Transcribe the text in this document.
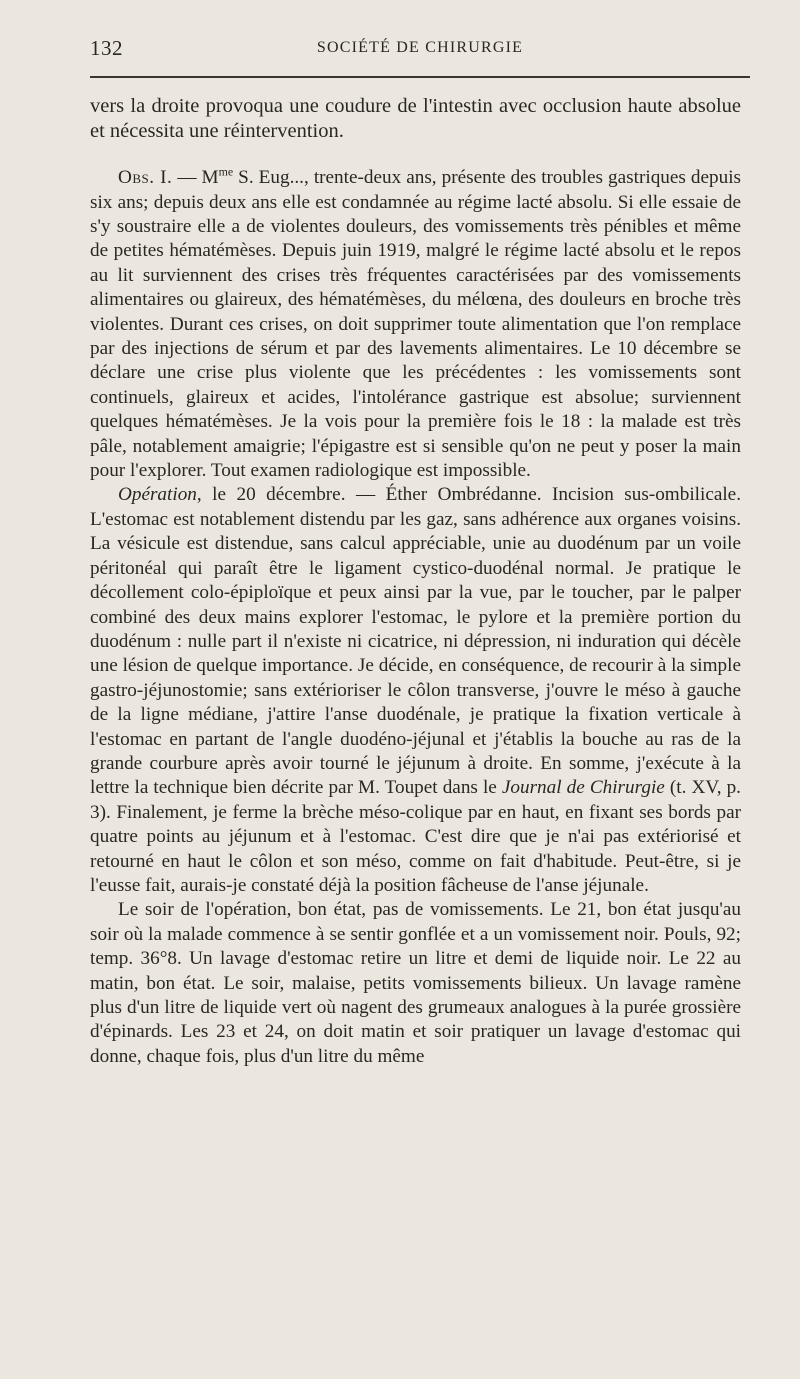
132	SOCIÉTÉ DE CHIRURGIE

vers la droite provoqua une coudure de l'intestin avec occlusion haute absolue et nécessita une réintervention.

Obs. I. — $M^{me}$ S. Eug..., trente-deux ans, présente des troubles gastriques depuis six ans; depuis deux ans elle est condamnée au régime lacté absolu. Si elle essaie de s'y soustraire elle a de violentes douleurs, des vomissements très pénibles et même de petites hématémèses. Depuis juin 1919, malgré le régime lacté absolu et le repos au lit surviennent des crises très fréquentes caractérisées par des vomissements alimentaires ou glaireux, des hématémèses, du mélœna, des douleurs en broche très violentes. Durant ces crises, on doit supprimer toute alimentation que l'on remplace par des injections de sérum et par des lavements alimentaires. Le 10 décembre se déclare une crise plus violente que les précédentes : les vomissements sont continuels, glaireux et acides, l'intolérance gastrique est absolue; surviennent quelques hématémèses. Je la vois pour la première fois le 18 : la malade est très pâle, notablement amaigrie; l'épigastre est si sensible qu'on ne peut y poser la main pour l'explorer. Tout examen radiologique est impossible.

Opération, le 20 décembre. — Éther Ombrédanne. Incision sus-ombilicale. L'estomac est notablement distendu par les gaz, sans adhérence aux organes voisins. La vésicule est distendue, sans calcul appréciable, unie au duodénum par un voile péritonéal qui paraît être le ligament cystico-duodénal normal. Je pratique le décollement colo-épiploïque et peux ainsi par la vue, par le toucher, par le palper combiné des deux mains explorer l'estomac, le pylore et la première portion du duodénum : nulle part il n'existe ni cicatrice, ni dépression, ni induration qui décèle une lésion de quelque importance. Je décide, en conséquence, de recourir à la simple gastro-jéjunostomie; sans extérioriser le côlon transverse, j'ouvre le méso à gauche de la ligne médiane, j'attire l'anse duodénale, je pratique la fixation verticale à l'estomac en partant de l'angle duodéno-jéjunal et j'établis la bouche au ras de la grande courbure après avoir tourné le jéjunum à droite. En somme, j'exécute à la lettre la technique bien décrite par M. Toupet dans le Journal de Chirurgie (t. XV, p. 3). Finalement, je ferme la brèche méso-colique par en haut, en fixant ses bords par quatre points au jéjunum et à l'estomac. C'est dire que je n'ai pas extériorisé et retourné en haut le côlon et son méso, comme on fait d'habitude. Peut-être, si je l'eusse fait, aurais-je constaté déjà la position fâcheuse de l'anse jéjunale.

Le soir de l'opération, bon état, pas de vomissements. Le 21, bon état jusqu'au soir où la malade commence à se sentir gonflée et a un vomissement noir. Pouls, 92; temp. 36°8. Un lavage d'estomac retire un litre et demi de liquide noir. Le 22 au matin, bon état. Le soir, malaise, petits vomissements bilieux. Un lavage ramène plus d'un litre de liquide vert où nagent des grumeaux analogues à la purée grossière d'épinards. Les 23 et 24, on doit matin et soir pratiquer un lavage d'estomac qui donne, chaque fois, plus d'un litre du même
